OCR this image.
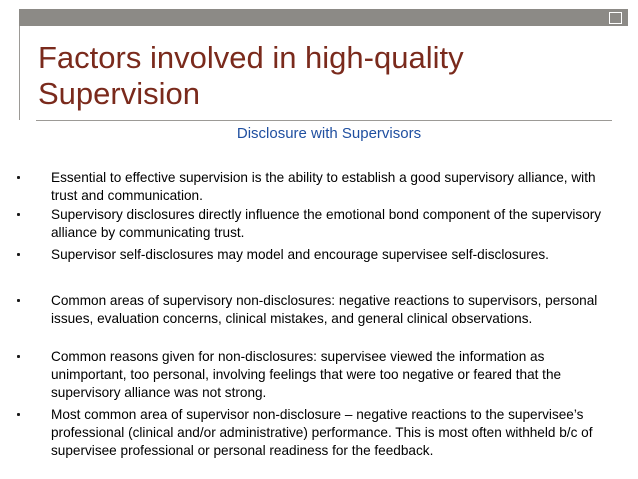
Factors involved in high-quality
Supervision
Disclosure with Supervisors
Essential to effective supervision is the ability to establish a good supervisory alliance, with trust and communication.
Supervisory disclosures directly influence the emotional bond component of the supervisory alliance by communicating trust.
Supervisor self-disclosures may model and encourage supervisee self-disclosures.
Common areas of supervisory non-disclosures: negative reactions to supervisors, personal issues, evaluation concerns, clinical mistakes, and general clinical observations.
Common reasons given for non-disclosures: supervisee viewed the information as unimportant, too personal, involving feelings that were too negative or feared that the supervisory alliance was not strong.
Most common area of supervisor non-disclosure – negative reactions to the supervisee’s professional (clinical and/or administrative) performance. This is most often withheld b/c of supervisee professional or personal readiness for the feedback.
